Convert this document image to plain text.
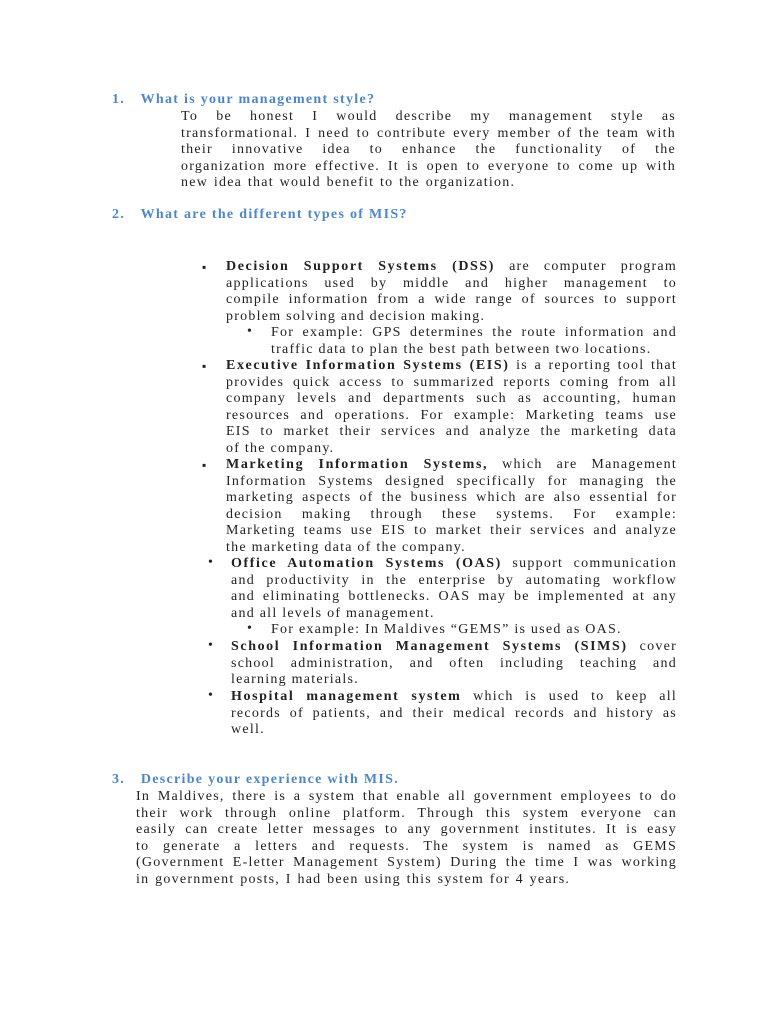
1. What is your management style?
To be honest I would describe my management style as
transformational. I need to contribute every member of the team with
their innovative idea to enhance the functionality of the
organization more effective. It is open to everyone to come up with
new idea that would benefit to the organization.
2. What are the different types of MIS?
▪ Decision Support Systems (DSS) are computer program
applications used by middle and higher management to
compile information from a wide range of sources to support
problem solving and decision making.
• For example: GPS determines the route information and
traffic data to plan the best path between two locations.
▪ Executive Information Systems (EIS) is a reporting tool that
provides quick access to summarized reports coming from all
company levels and departments such as accounting, human
resources and operations. For example: Marketing teams use
EIS to market their services and analyze the marketing data
of the company.
▪ Marketing Information Systems, which are Management
Information Systems designed specifically for managing the
marketing aspects of the business which are also essential for
decision making through these systems. For example:
Marketing teams use EIS to market their services and analyze
the marketing data of the company.
• Office Automation Systems (OAS) support communication
and productivity in the enterprise by automating workflow
and eliminating bottlenecks. OAS may be implemented at any
and all levels of management.
• For example: In Maldives “GEMS” is used as OAS.
• School Information Management Systems (SIMS) cover
school administration, and often including teaching and
learning materials.
• Hospital management system which is used to keep all
records of patients, and their medical records and history as
well.
3. Describe your experience with MIS.
In Maldives, there is a system that enable all government employees to do
their work through online platform. Through this system everyone can
easily can create letter messages to any government institutes. It is easy
to generate a letters and requests. The system is named as GEMS
(Government E-letter Management System) During the time I was working
in government posts, I had been using this system for 4 years.
